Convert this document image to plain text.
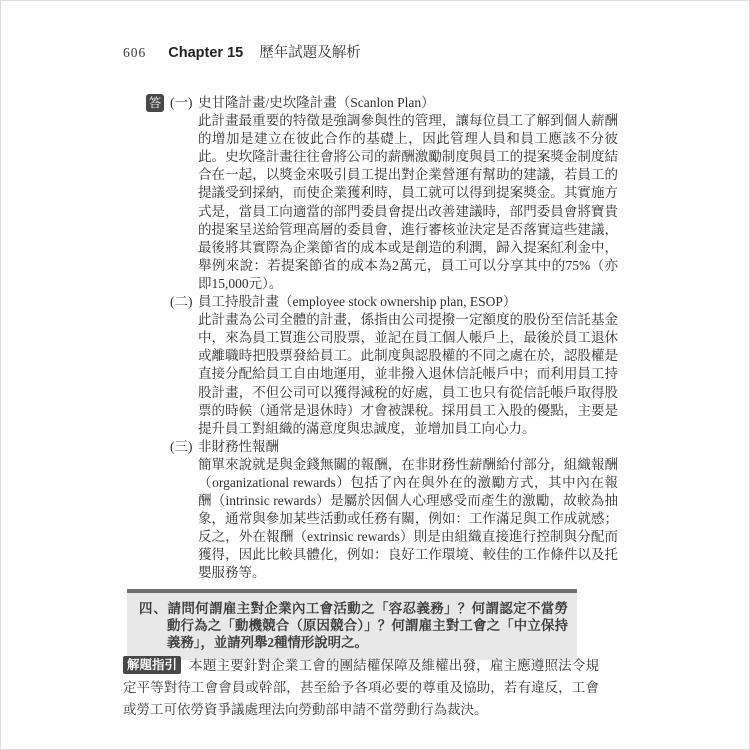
606 Chapter 15 歷年試題及解析
答 (一) 史甘隆計畫/史坎隆計畫（Scanlon Plan）
此計畫最重要的特徵是強調參與性的管理，讓每位員工了解到個人薪酬的增加是建立在彼此合作的基礎上，因此管理人員和員工應該不分彼此。史坎隆計畫往往會將公司的薪酬激勵制度與員工的提案獎金制度結合在一起，以獎金來吸引員工提出對企業營運有幫助的建議，若員工的提議受到採納，而使企業獲利時，員工就可以得到提案獎金。其實施方式是，當員工向適當的部門委員會提出改善建議時，部門委員會將寶貴的提案呈送給管理高層的委員會，進行審核並決定是否落實這些建議，最後將其實際為企業節省的成本或是創造的利潤，歸入提案紅利金中，舉例來說：若提案節省的成本為2萬元，員工可以分享其中的75%（亦即15,000元）。
(二) 員工持股計畫（employee stock ownership plan, ESOP）
此計畫為公司全體的計畫，係指由公司提撥一定額度的股份至信託基金中，來為員工買進公司股票，並記在員工個人帳戶上，最後於員工退休或離職時把股票發給員工。此制度與認股權的不同之處在於，認股權是直接分配給員工自由地運用，並非撥入退休信託帳戶中；而利用員工持股計畫，不但公司可以獲得減稅的好處，員工也只有從信託帳戶取得股票的時候（通常是退休時）才會被課稅。採用員工入股的優點，主要是提升員工對組織的滿意度與忠誠度，並增加員工向心力。
(三) 非財務性報酬
簡單來說就是與金錢無關的報酬，在非財務性薪酬給付部分，組織報酬（organizational rewards）包括了內在與外在的激勵方式，其中內在報酬（intrinsic rewards）是屬於因個人心理感受而產生的激勵，故較為抽象，通常與參加某些活動或任務有關，例如：工作滿足與工作成就感；反之，外在報酬（extrinsic rewards）則是由組織直接進行控制與分配而獲得，因此比較具體化，例如：良好工作環境、較佳的工作條件以及托嬰服務等。
四、請問何謂雇主對企業內工會活動之「容忍義務」？何謂認定不當勞動行為之「動機競合（原因競合）」？何謂雇主對工會之「中立保持義務」，並請列舉2種情形說明之。
解題指引 本題主要針對企業工會的團結權保障及維權出發，雇主應遵照法令規定平等對待工會會員或幹部，甚至給予各項必要的尊重及協助，若有違反，工會或勞工可依勞資爭議處理法向勞動部申請不當勞動行為裁決。
